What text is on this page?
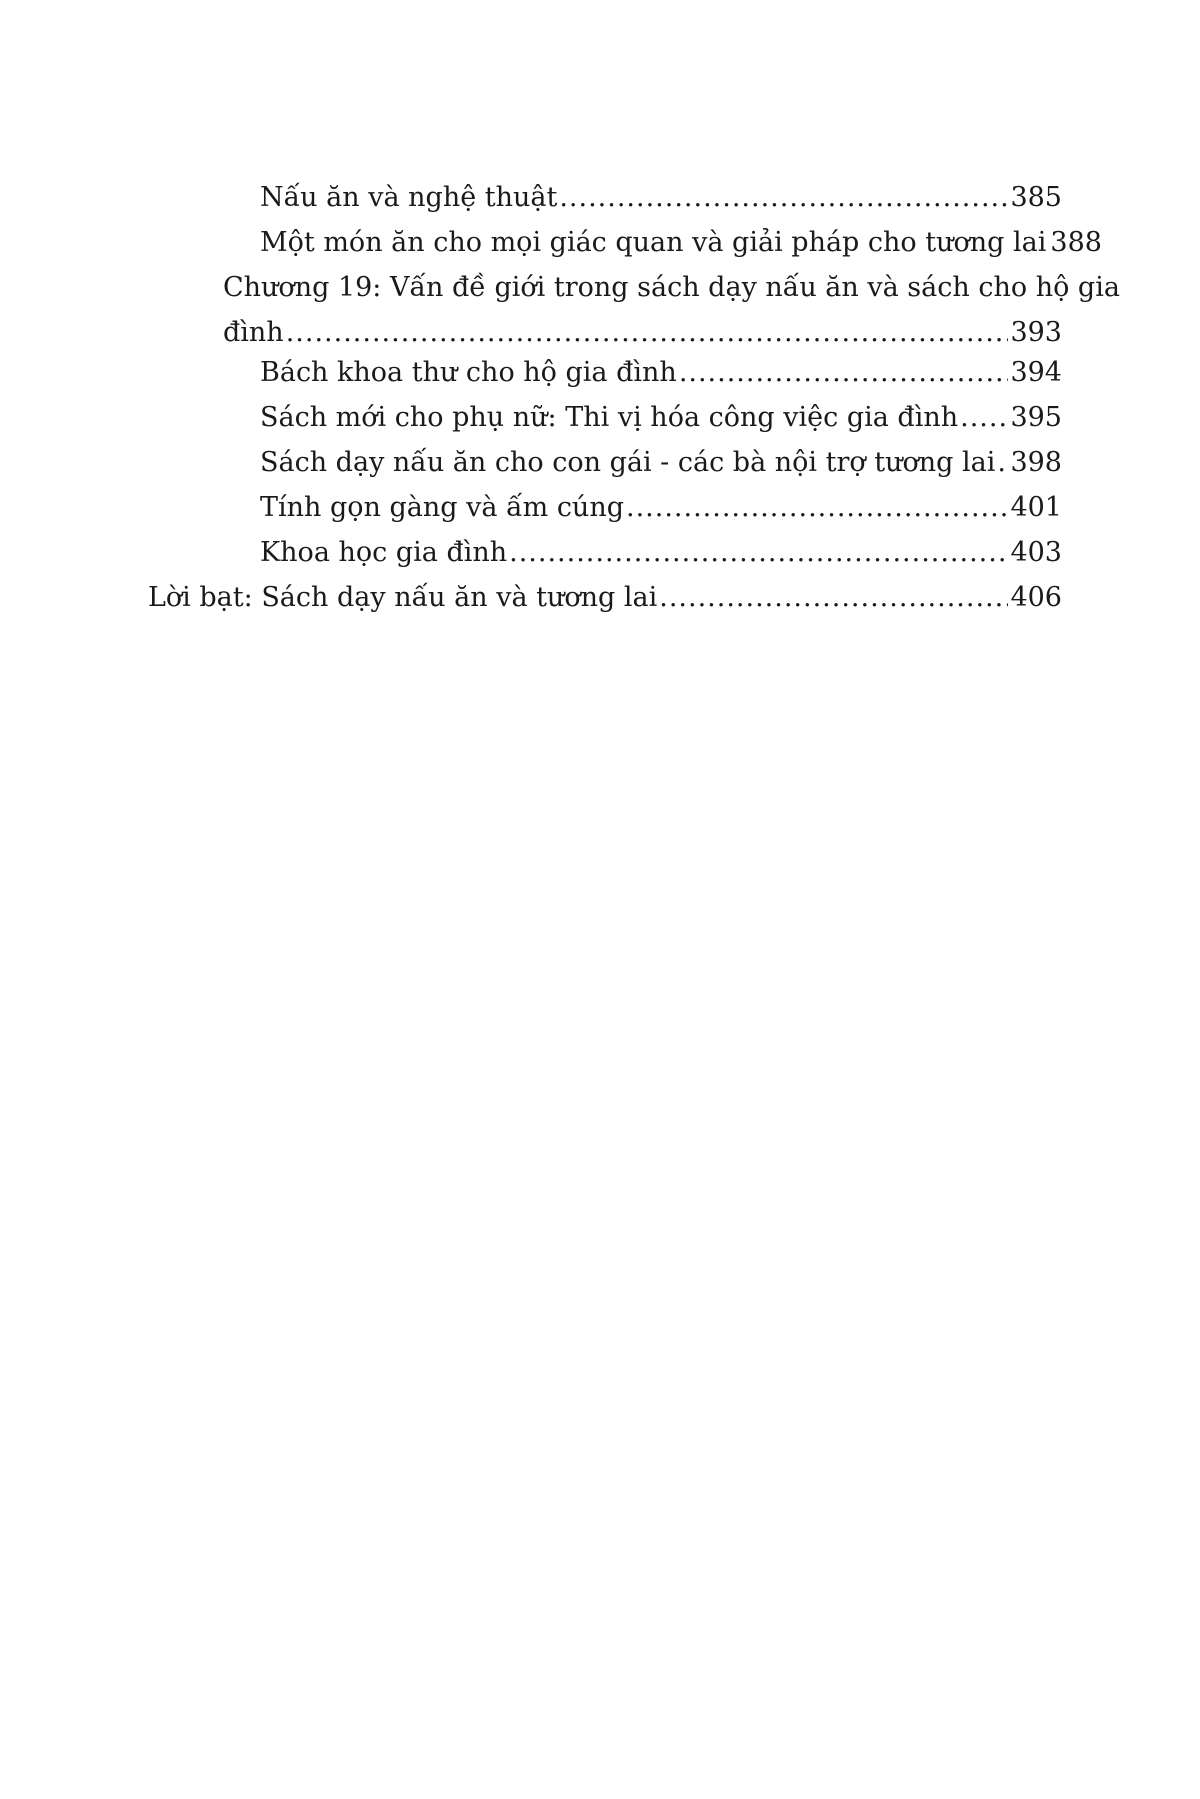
Nấu ăn và nghệ thuật .....	385
Một món ăn cho mọi giác quan và giải pháp cho tương lai 388
Chương 19: Vấn đề giới trong sách dạy nấu ăn và sách cho hộ gia
đình .....	393
Bách khoa thư cho hộ gia đình .....	394
Sách mới cho phụ nữ: Thi vị hóa công việc gia đình ..... 395
Sách dạy nấu ăn cho con gái - các bà nội trợ tương lai ..... 398
Tính gọn gàng và ấm cúng .....	401
Khoa học gia đình .....	403
Lời bạt: Sách dạy nấu ăn và tương lai .....	406
